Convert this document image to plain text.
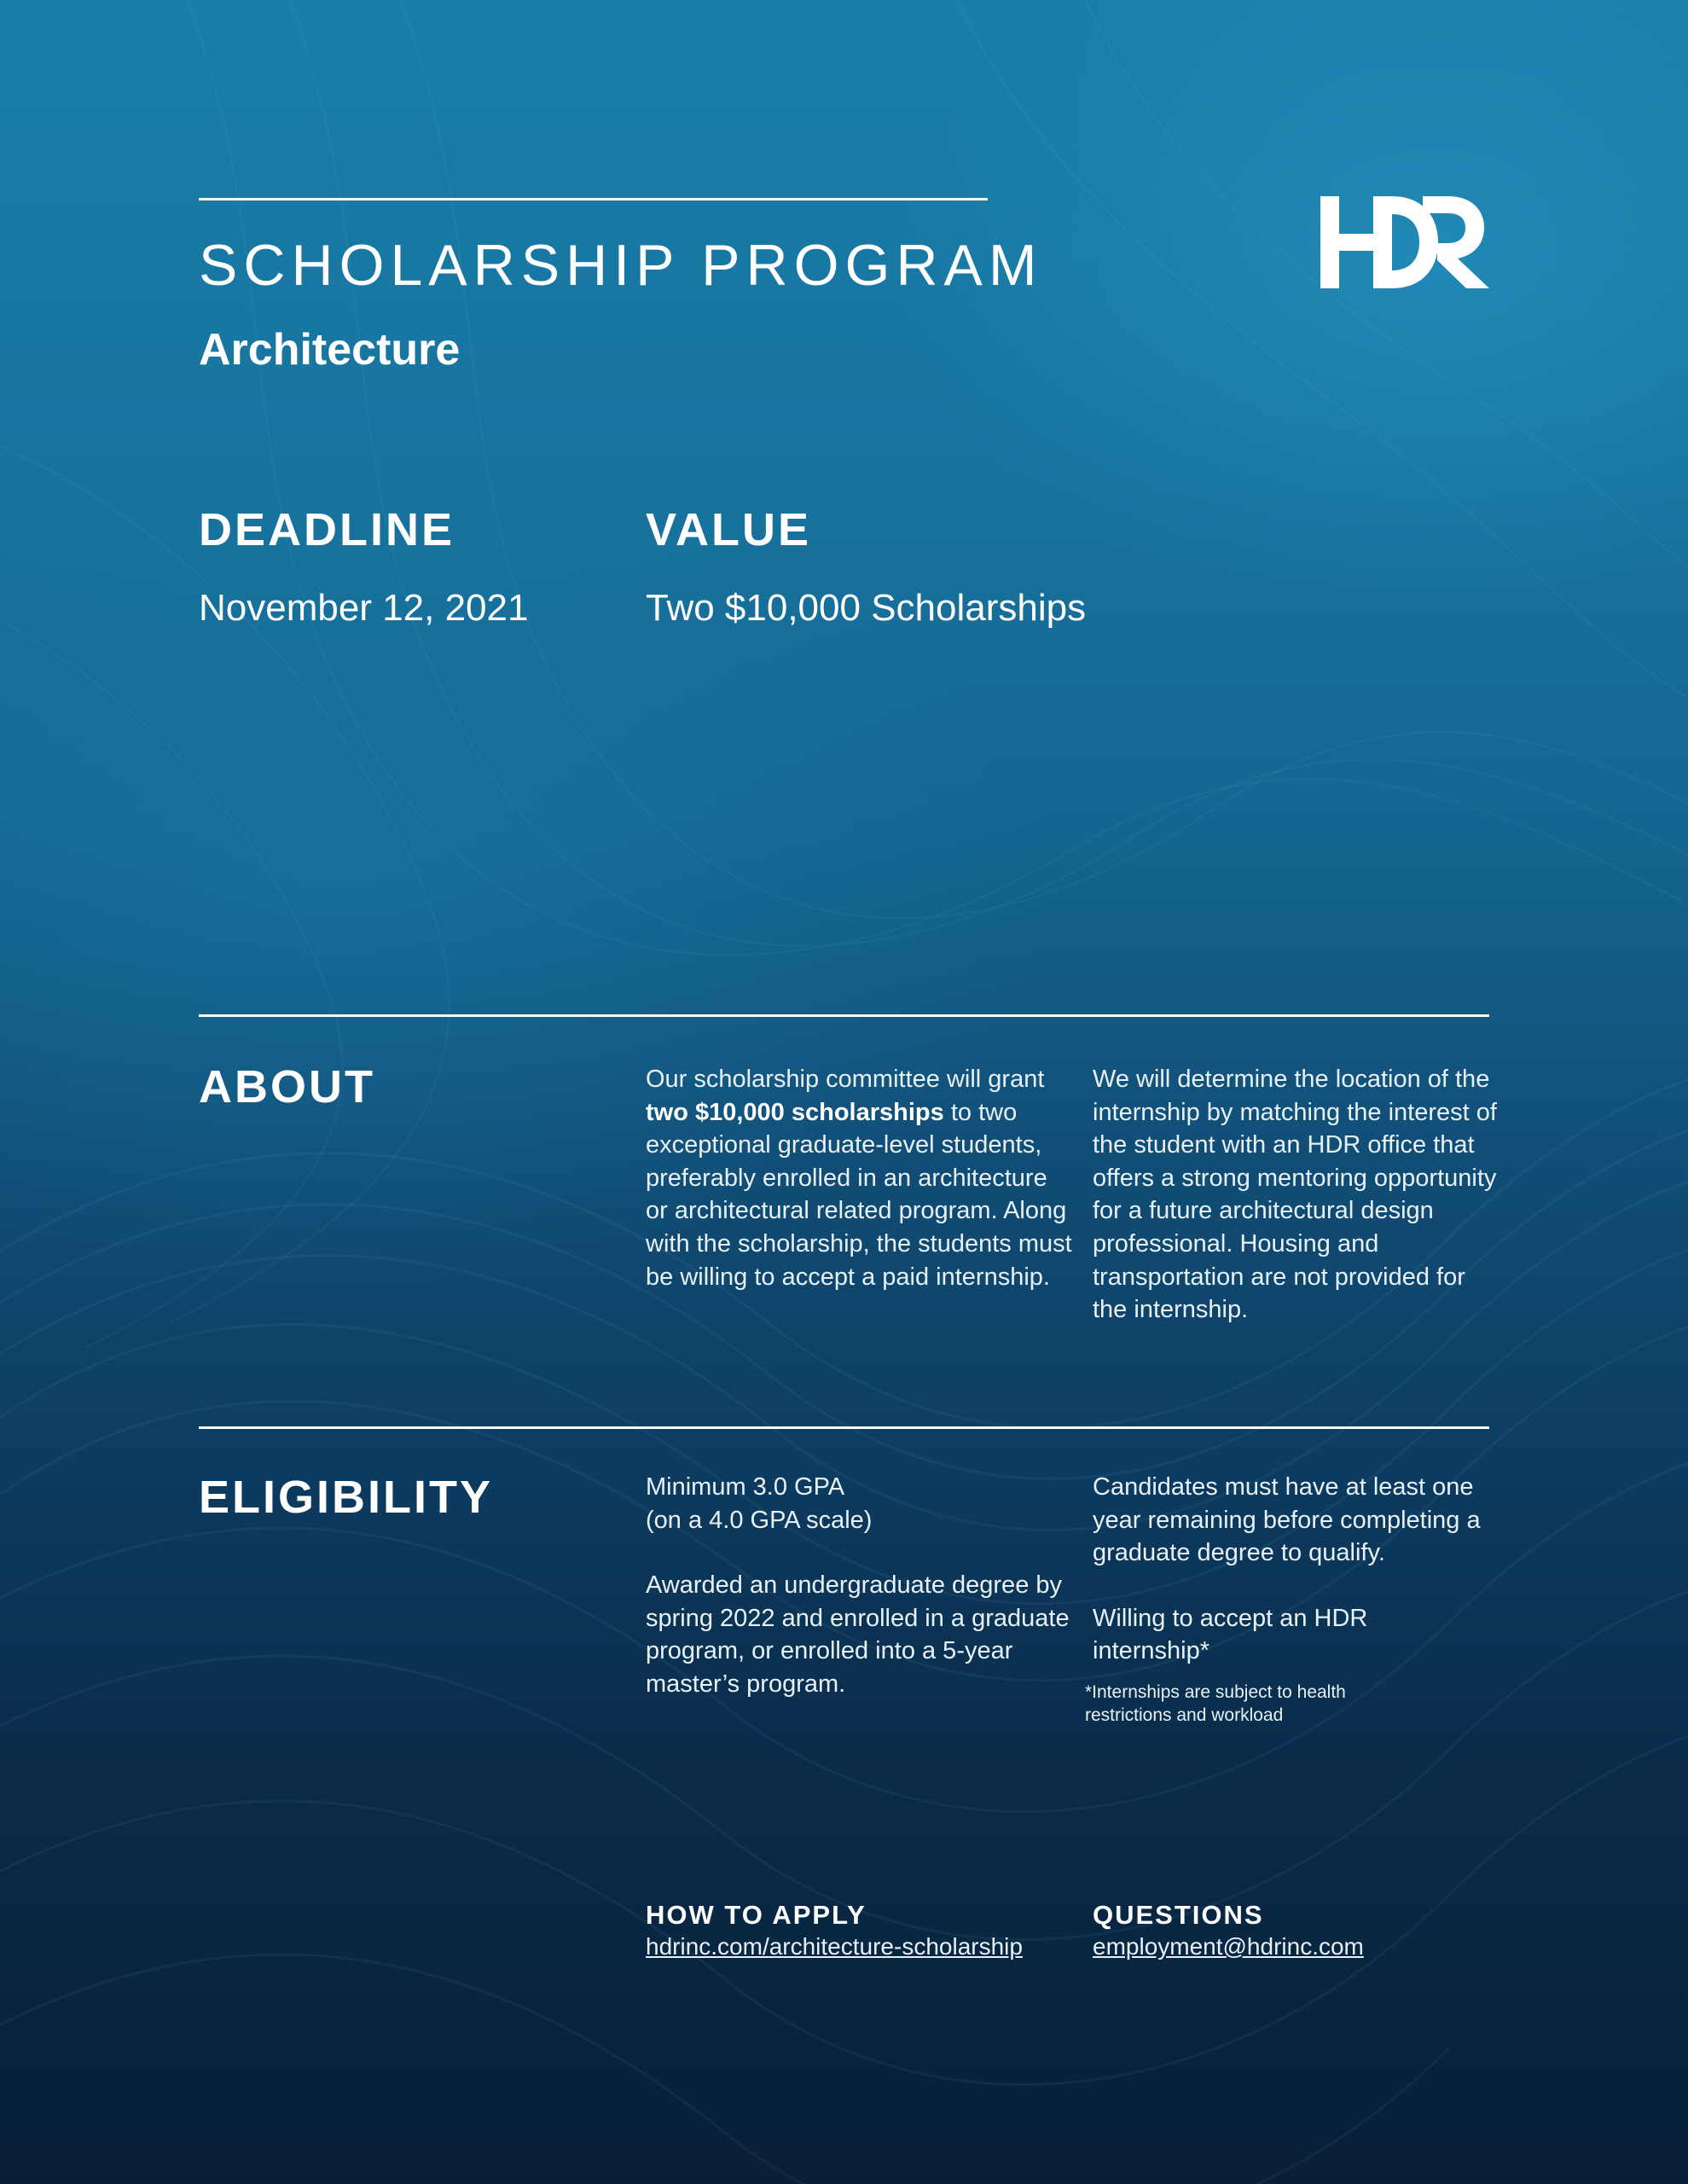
SCHOLARSHIP PROGRAM
Architecture
DEADLINE
November 12, 2021
VALUE
Two $10,000 Scholarships
ABOUT	Our scholarship committee will grant two $10,000 scholarships to two exceptional graduate-level students, preferably enrolled in an architecture or architectural related program. Along with the scholarship, the students must be willing to accept a paid internship.

We will determine the location of the internship by matching the interest of the student with an HDR office that offers a strong mentoring opportunity for a future architectural design professional. Housing and transportation are not provided for the internship.

ELIGIBILITY	Minimum 3.0 GPA
(on a 4.0 GPA scale)

Awarded an undergraduate degree by spring 2022 and enrolled in a graduate program, or enrolled into a 5-year master’s program.

Candidates must have at least one year remaining before completing a graduate degree to qualify.

Willing to accept an HDR internship*

*Internships are subject to health restrictions and workload
HOW TO APPLY
hdrinc.com/architecture-scholarship
QUESTIONS
employment@hdrinc.com
